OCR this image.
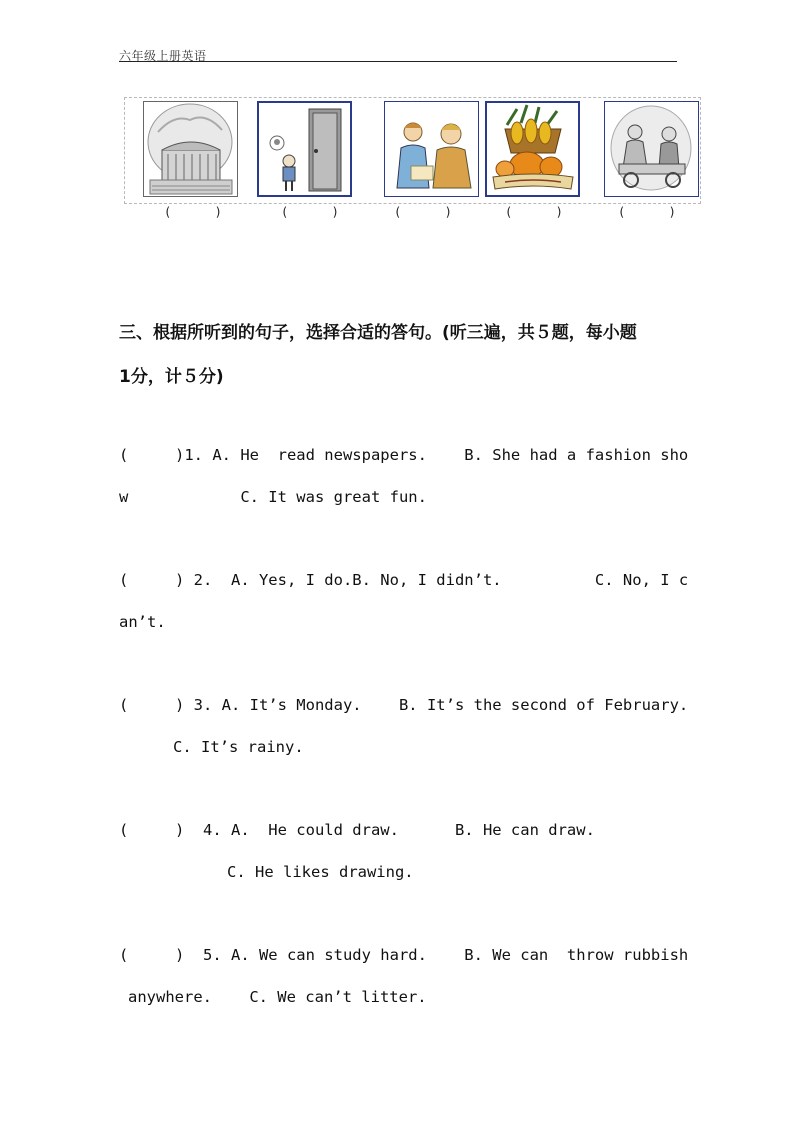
六年级上册英语
(      )	(      )	(      )	(      )	(      )
三、根据所听到的句子，选择合适的答句。(听三遍，共５题，每小题
1分，计５分)
(     )1. A. He  read newspapers.    B. She had a fashion sho
w            C. It was great fun.
(     ) 2.  A. Yes, I do.B. No, I didn’t.          C. No, I c
an’t.
(     ) 3. A. It’s Monday.    B. It’s the second of February.
C. It’s rainy.
(     )  4. A.  He could draw.      B. He can draw.
C. He likes drawing.
(     )  5. A. We can study hard.    B. We can  throw rubbish
anywhere.    C. We can’t litter.
